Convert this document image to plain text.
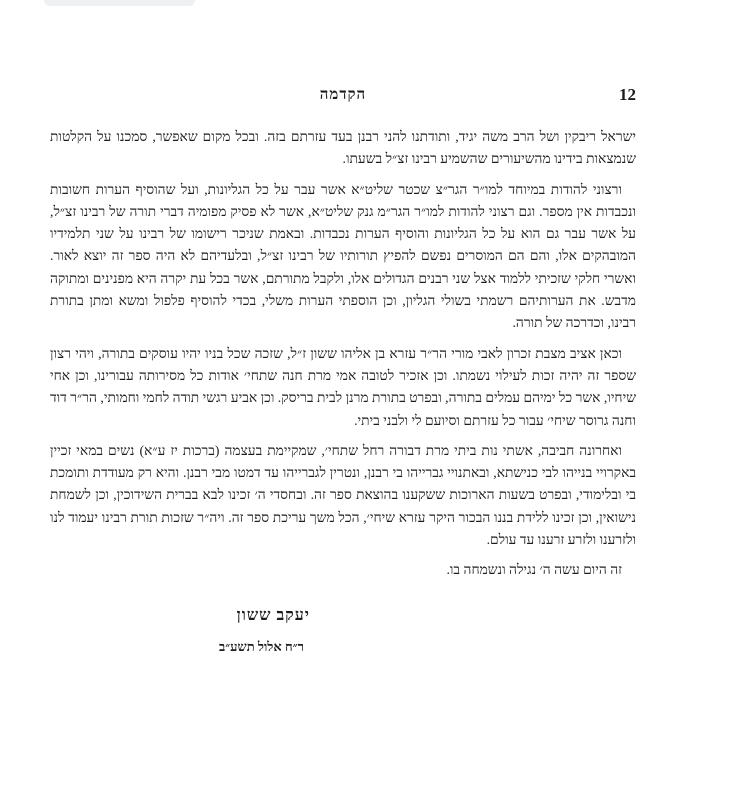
12
הקדמה

ישראל ריבקין ושל הרב משה יגיד, ותודתנו להני רבנן בעד עזרתם בזה. ובכל מקום שאפשר, סמכנו על הקלטות שנמצאות בידינו מהשיעורים שהשמיע רבינו זצ״ל בשעתו.

ורצוני להודות במיוחד למו״ר הגר״צ שכטר שליט״א אשר עבר על כל הגליונות, ועל שהוסיף הערות חשובות ונכבדות אין מספר. וגם רצוני להודות למו״ר הגר״מ גנק שליט״א, אשר לא פסיק מפומיה דברי תורה של רבינו זצ״ל, על אשר עבר גם הוא על כל הגליונות והוסיף הערות נכבדות. ובאמת שניכר רישומו של רבינו על שני תלמידיו המובהקים אלו, והם הם המוסרים נפשם להפיץ תורותיו של רבינו זצ״ל, ובלעדיהם לא היה ספר זה יוצא לאור. ואשרי חלקי שזכיתי ללמוד אצל שני רבנים הגדולים אלו, ולקבל מתורתם, אשר בכל עת יקרה היא מפנינים ומתוקה מדבש. את הערותיהם רשמתי בשולי הגליון, וכן הוספתי הערות משלי, בכדי להוסיף פלפול ומשא ומתן בתורת רבינו, וכדרכה של תורה.

וכאן אציב מצבת זכרון לאבי מורי הר״ר עזרא בן אליהו ששון ז״ל, שזכה שכל בניו יהיו עוסקים בתורה, ויהי רצון שספר זה יהיה זכות לעילוי נשמתו. וכן אזכיר לטובה אמי מרת חנה שתחי׳ אודות כל מסירותה עבורינו, וכן אחי שיחיו, אשר כל ימיהם עמלים בתורה, ובפרט בתורת מרנן לבית בריסק. וכן אביע רגשי תודה לחמי וחמותי, הר״ר דוד וחנה גרוסר שיחי׳ עבור כל עזרתם וסיועם לי ולבני ביתי.

ואחרונה חביבה, אשתי נות ביתי מרת דבורה רחל שתחי׳, שמקיימת בעצמה (ברכות יז ע״א) נשים במאי זכיין באקרויי בנייהו לבי כנישתא, ובאתנויי גברייהו בי רבנן, ונטרין לגברייהו עד דמטו מבי רבנן. והיא רק מעודדת ותומכת בי ובלימודי, ובפרט בשעות הארוכות ששקענו בהוצאת ספר זה. ובחסדי ה׳ זכינו לבא בברית השידוכין, וכן לשמחת נישואין, וכן זכינו ללידת בננו הבכור היקר עזרא שיחי׳, הכל משך עריכת ספר זה. ויה״ר שזכות תורת רבינו יעמוד לנו ולזרענו ולזרע זרענו עד עולם.

זה היום עשה ה׳ נגילה ונשמחה בו.

יעקב ששון
ר״ח אלול תשע״ב
